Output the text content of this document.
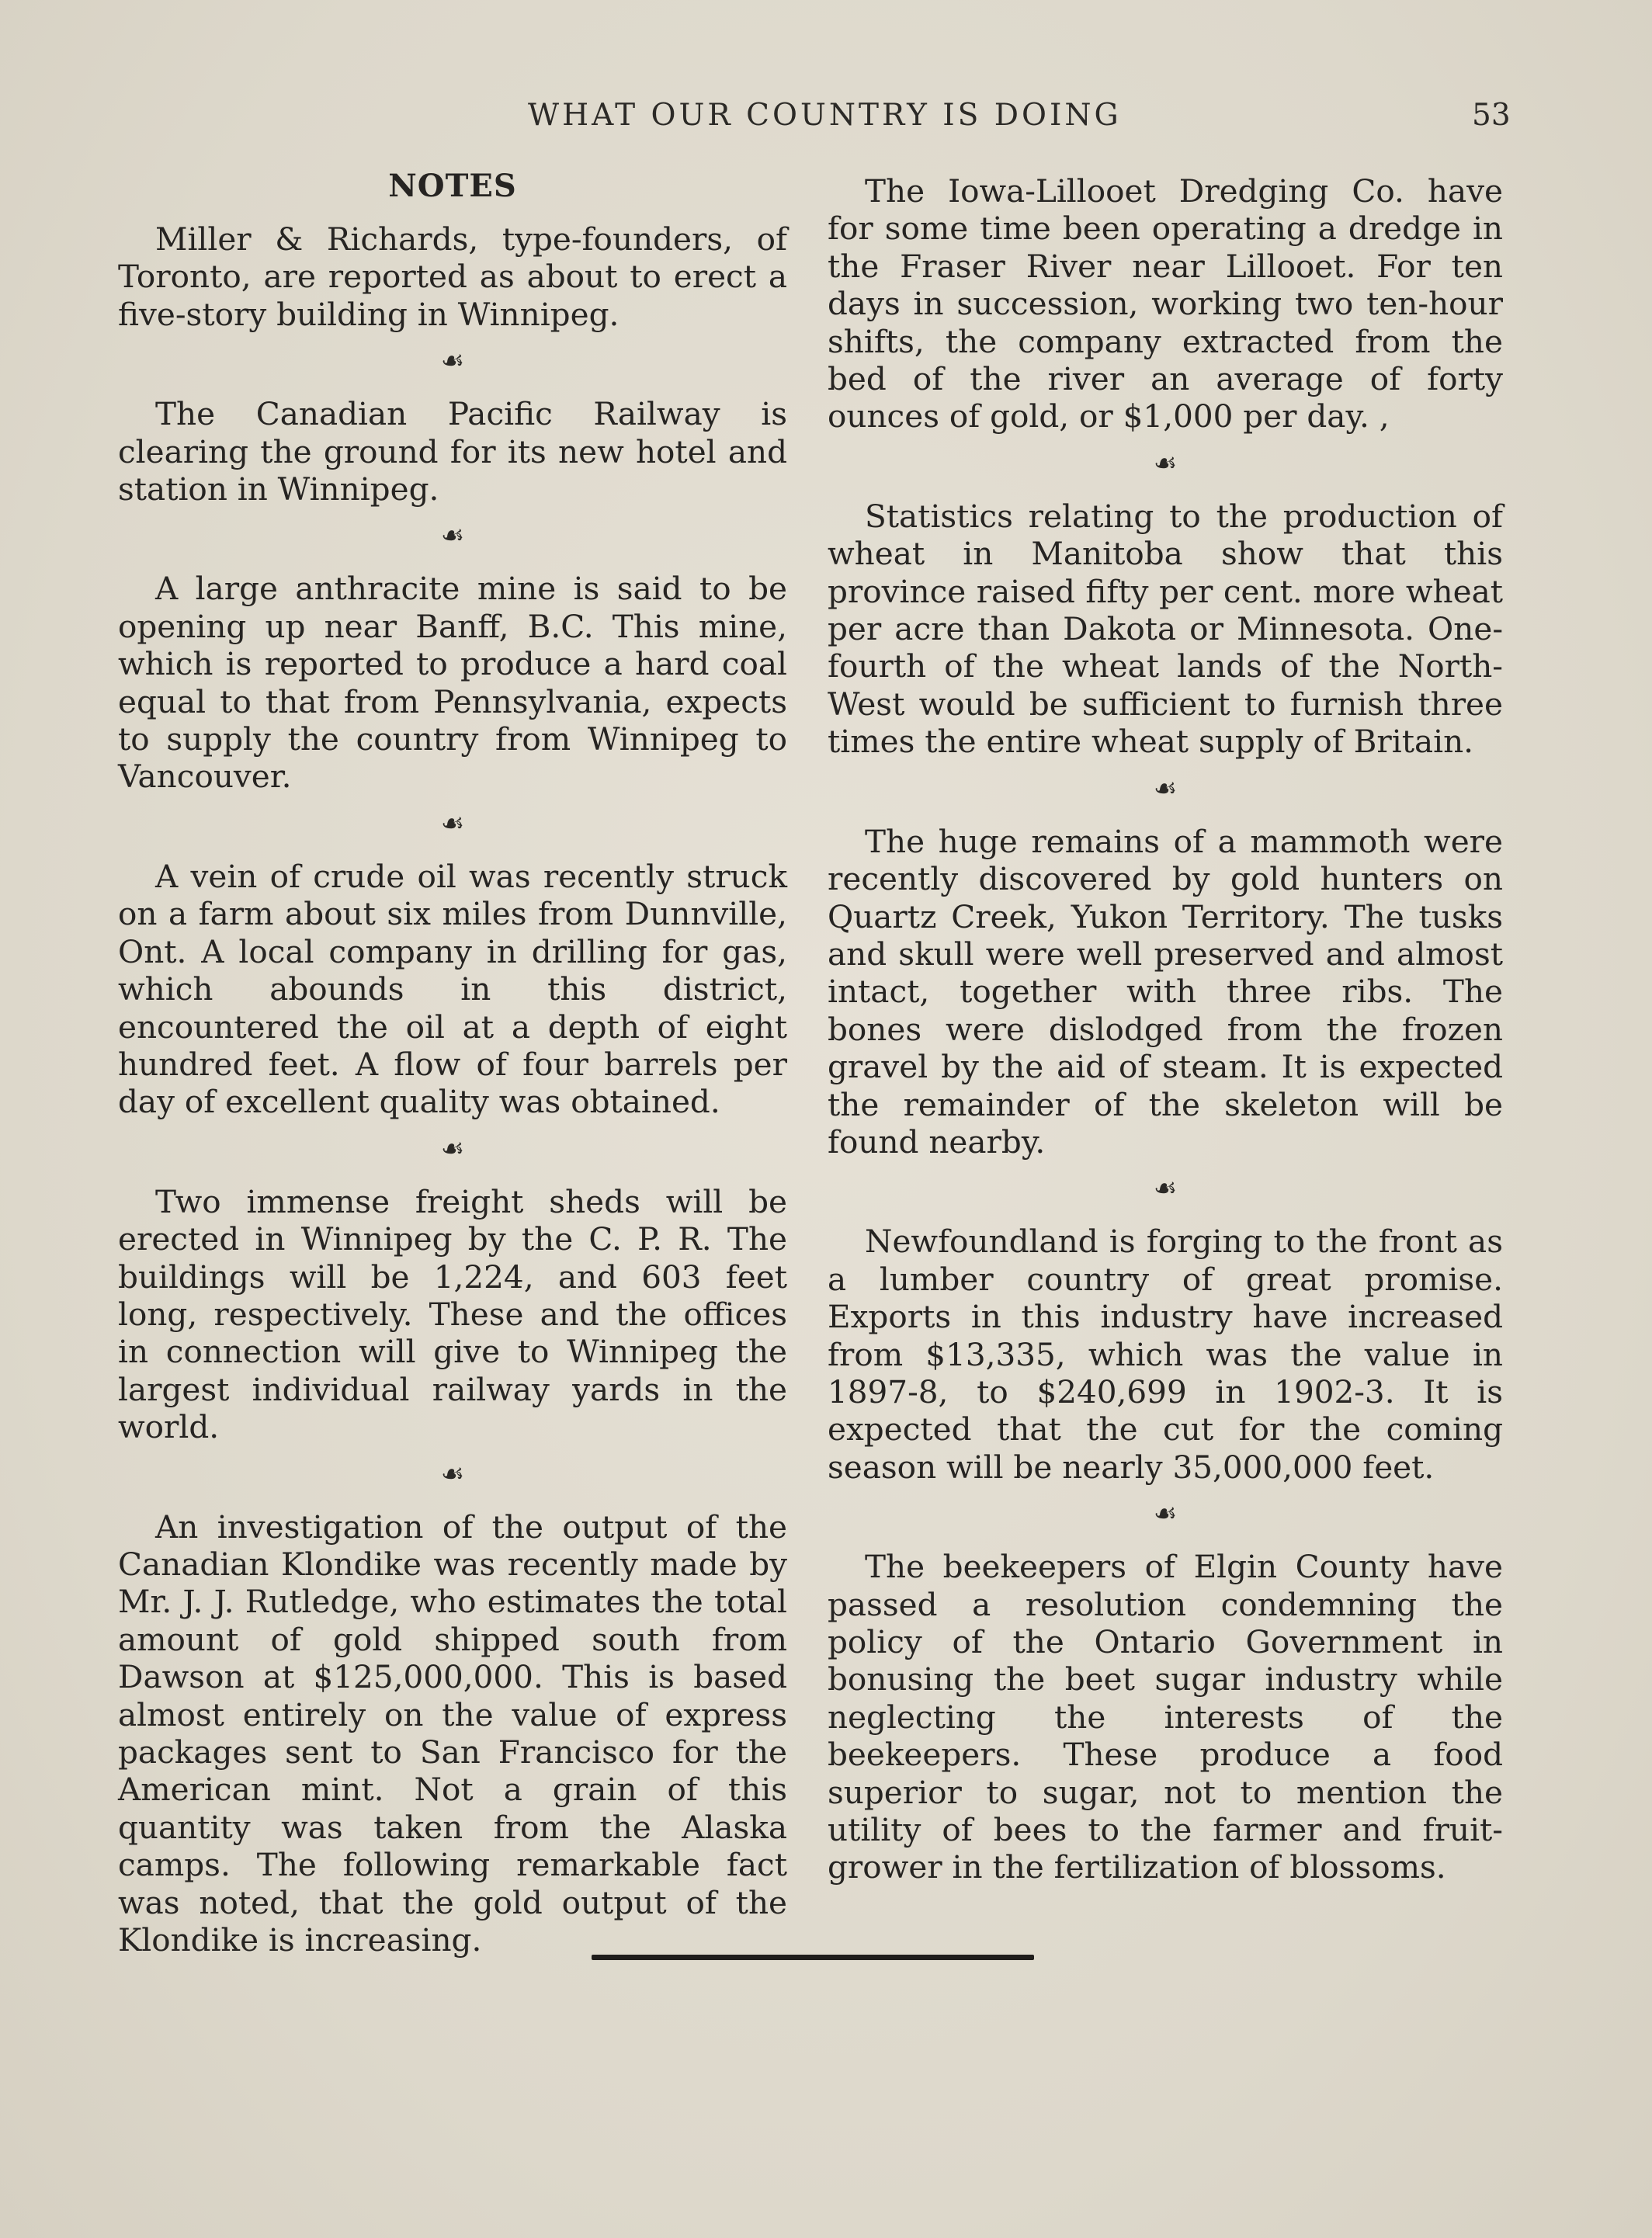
WHAT OUR COUNTRY IS DOING	53
NOTES

Miller & Richards, type-founders, of Toronto, are reported as about to erect a five-story building in Winnipeg.

☙

The Canadian Pacific Railway is clearing the ground for its new hotel and station in Winnipeg.

☙

A large anthracite mine is said to be opening up near Banff, B.C. This mine, which is reported to produce a hard coal equal to that from Pennsylvania, expects to supply the country from Winnipeg to Vancouver.

☙

A vein of crude oil was recently struck on a farm about six miles from Dunnville, Ont. A local company in drilling for gas, which abounds in this district, encountered the oil at a depth of eight hundred feet. A flow of four barrels per day of excellent quality was obtained.

☙

Two immense freight sheds will be erected in Winnipeg by the C. P. R. The buildings will be 1,224, and 603 feet long, respectively. These and the offices in connection will give to Winnipeg the largest individual railway yards in the world.

☙

An investigation of the output of the Canadian Klondike was recently made by Mr. J. J. Rutledge, who estimates the total amount of gold shipped south from Dawson at $125,000,000. This is based almost entirely on the value of express packages sent to San Francisco for the American mint. Not a grain of this quantity was taken from the Alaska camps. The following remarkable fact was noted, that the gold output of the Klondike is increasing.

The Iowa-Lillooet Dredging Co. have for some time been operating a dredge in the Fraser River near Lillooet. For ten days in succession, working two ten-hour shifts, the company extracted from the bed of the river an average of forty ounces of gold, or $1,000 per day. ,

☙

Statistics relating to the production of wheat in Manitoba show that this province raised fifty per cent. more wheat per acre than Dakota or Minnesota. One-fourth of the wheat lands of the North-West would be sufficient to furnish three times the entire wheat supply of Britain.

☙

The huge remains of a mammoth were recently discovered by gold hunters on Quartz Creek, Yukon Territory. The tusks and skull were well preserved and almost intact, together with three ribs. The bones were dislodged from the frozen gravel by the aid of steam. It is expected the remainder of the skeleton will be found nearby.

☙

Newfoundland is forging to the front as a lumber country of great promise. Exports in this industry have increased from $13,335, which was the value in 1897-8, to $240,699 in 1902-3. It is expected that the cut for the coming season will be nearly 35,000,000 feet.

☙

The beekeepers of Elgin County have passed a resolution condemning the policy of the Ontario Government in bonusing the beet sugar industry while neglecting the interests of the beekeepers. These produce a food superior to sugar, not to mention the utility of bees to the farmer and fruit-grower in the fertilization of blossoms.
